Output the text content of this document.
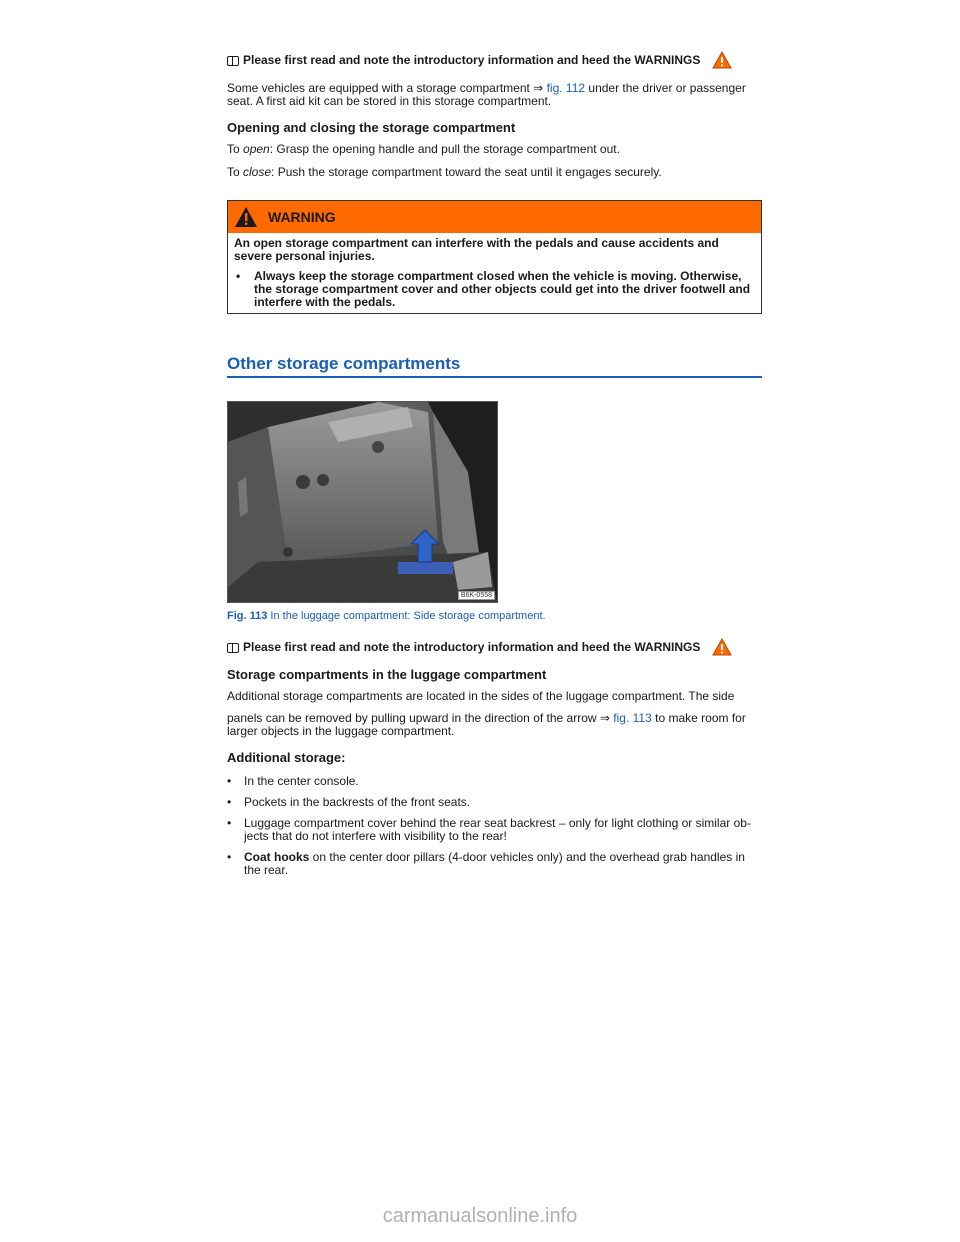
Please first read and note the introductory information and heed the WARNINGS

Some vehicles are equipped with a storage compartment ⇒ fig. 112 under the driver or passenger seat. A first aid kit can be stored in this storage compartment.

Opening and closing the storage compartment

To open: Grasp the opening handle and pull the storage compartment out.

To close: Push the storage compartment toward the seat until it engages securely.

WARNING
An open storage compartment can interfere with the pedals and cause accidents and severe personal injuries.
•	Always keep the storage compartment closed when the vehicle is moving. Otherwise, the storage compartment cover and other objects could get into the driver footwell and interfere with the pedals.
Other storage compartments
B6K-0558

Fig. 113 In the luggage compartment: Side storage compartment.

Please first read and note the introductory information and heed the WARNINGS
Storage compartments in the luggage compartment

Additional storage compartments are located in the sides of the luggage compartment. The side

panels can be removed by pulling upward in the direction of the arrow ⇒ fig. 113 to make room for larger objects in the luggage compartment.

Additional storage:

•	In the center console.

•	Pockets in the backrests of the front seats.

•	Luggage compartment cover behind the rear seat backrest – only for light clothing or similar ob-jects that do not interfere with visibility to the rear!

•	Coat hooks on the center door pillars (4-door vehicles only) and the overhead grab handles in the rear.

carmanualsonline.info
